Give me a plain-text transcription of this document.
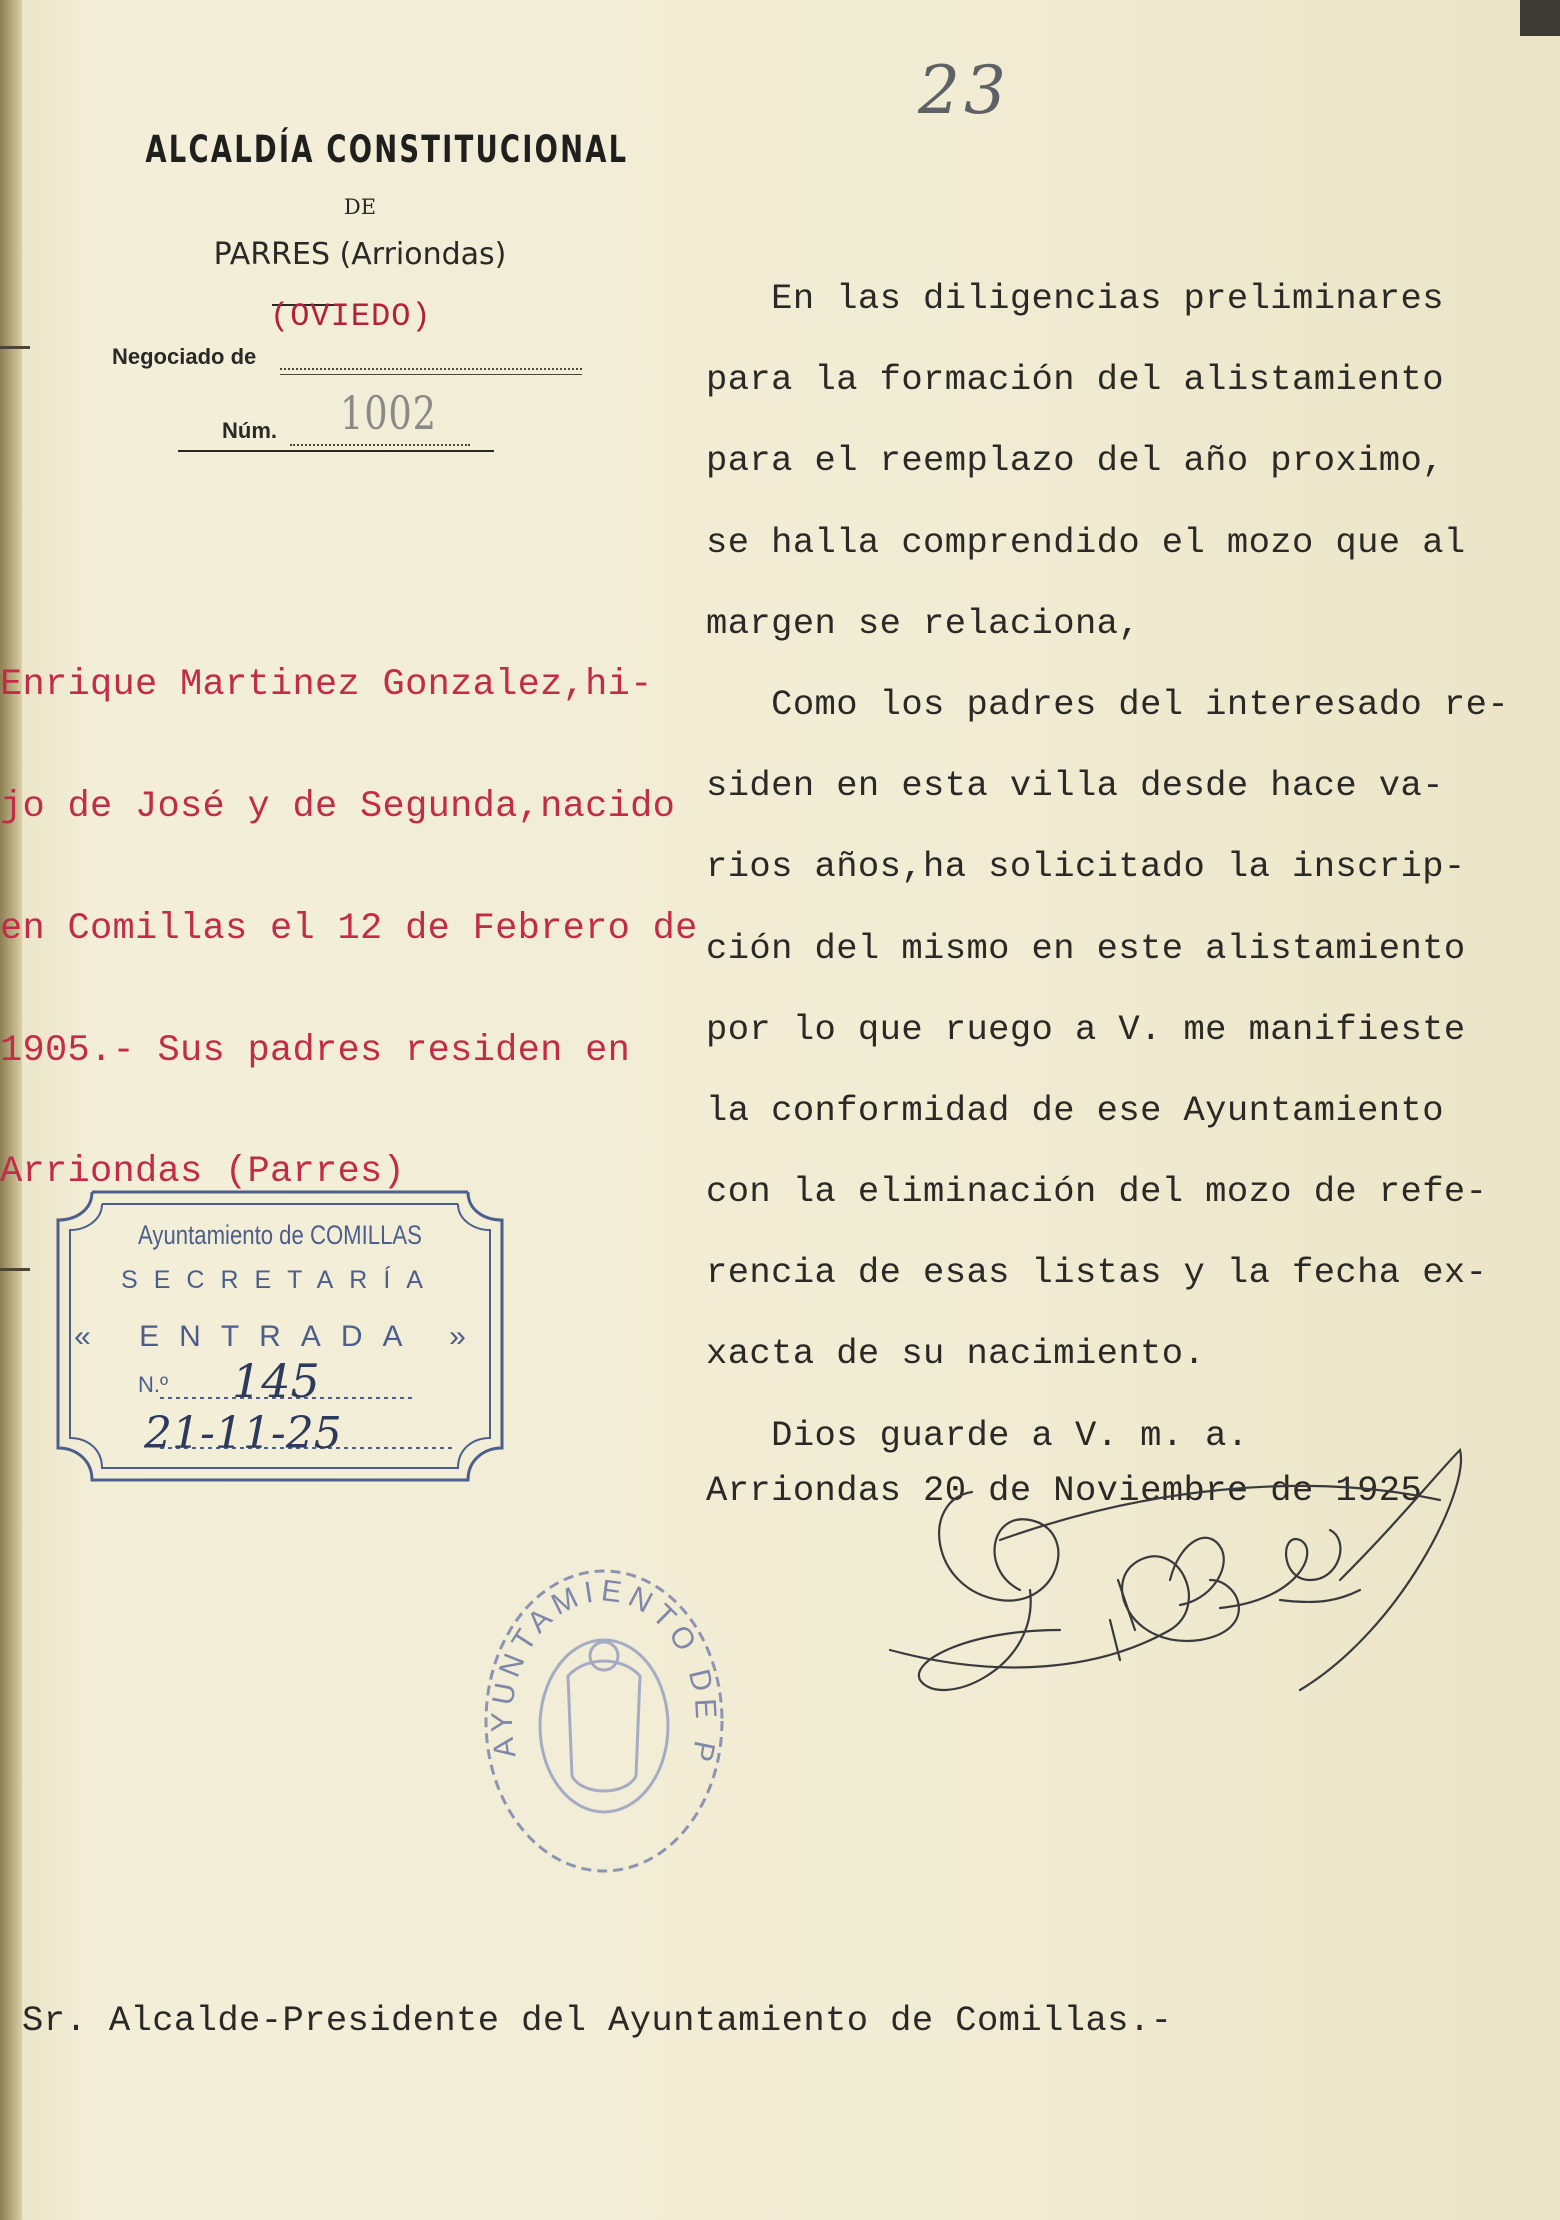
23
ALCALDÍA CONSTITUCIONAL
DE
PARRES (Arriondas)
(OVIEDO)
Negociado de
Núm. 1002

Enrique Martinez Gonzalez,hi-

jo de José y de Segunda,nacido

en Comillas el 12 de Febrero de

1905.- Sus padres residen en

Arriondas (Parres)

En las diligencias preliminares
para la formación del alistamiento
para el reemplazo del año proximo,
se halla comprendido el mozo que al
margen se relaciona,
Como los padres del interesado re-
siden en esta villa desde hace va-
rios años,ha solicitado la inscrip-
ción del mismo en este alistamiento
por lo que ruego a V. me manifieste
la conformidad de ese Ayuntamiento
con la eliminación del mozo de refe-
rencia de esas listas y la fecha ex-
xacta de su nacimiento.
Dios guarde a V. m. a.
Arriondas 20 de Noviembre de 1925
Ayuntamiento de COMILLAS
SECRETARÍA
« ENTRADA »
N.º 145
21-11-25
AYUNTAMIENTO DE P
Sr. Alcalde-Presidente del Ayuntamiento de Comillas.-
